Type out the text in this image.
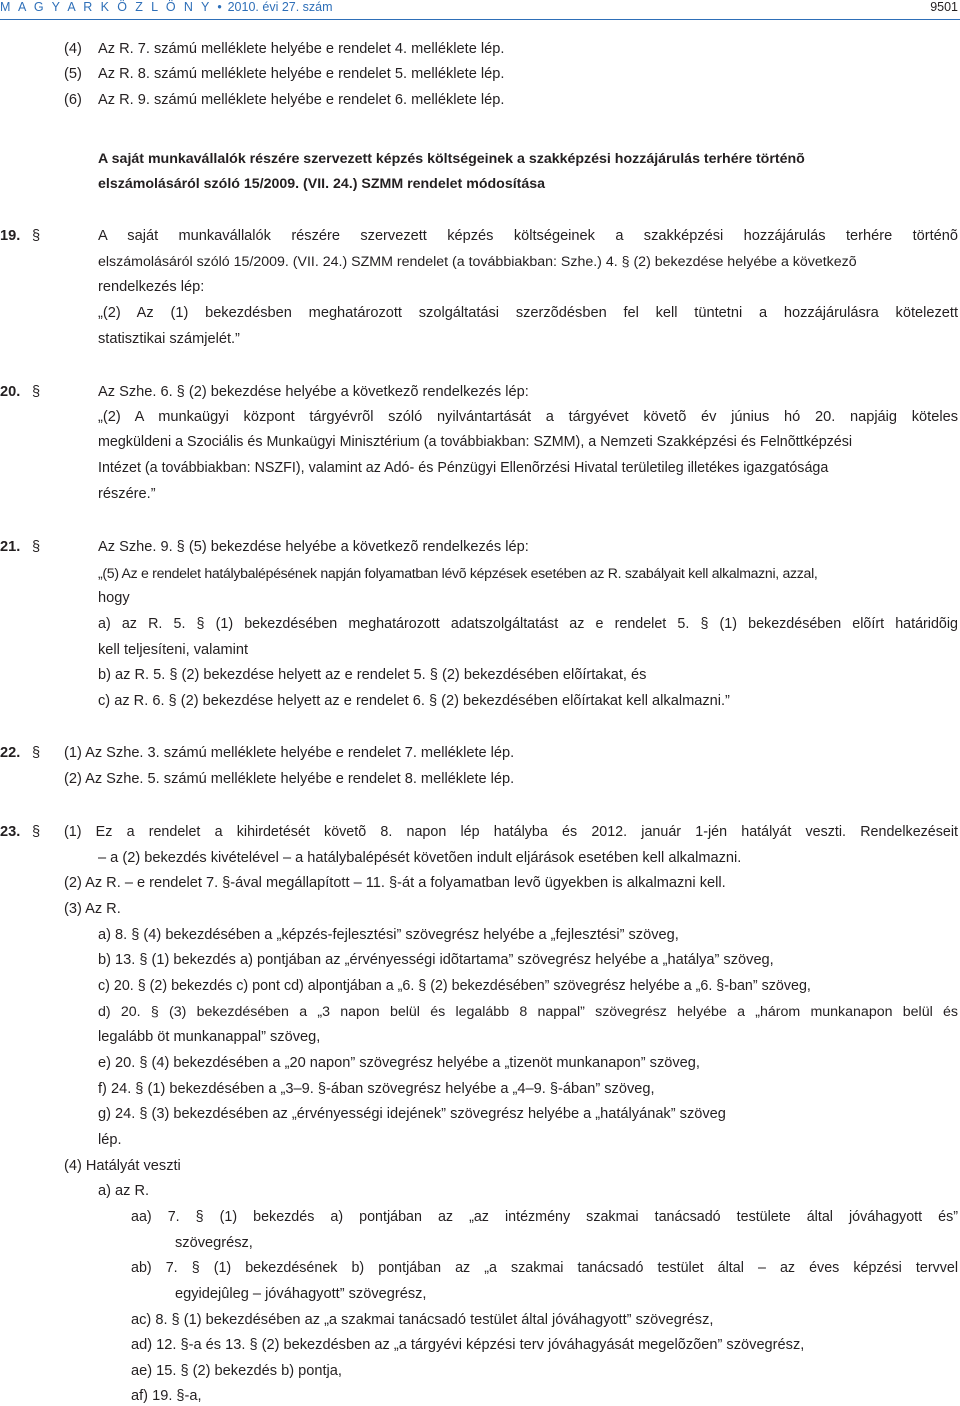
M A G Y A R K Ö Z L Ö N Y • 2010. évi 27. szám	9501
(4) Az R. 7. számú melléklete helyébe e rendelet 4. melléklete lép.
(5) Az R. 8. számú melléklete helyébe e rendelet 5. melléklete lép.
(6) Az R. 9. számú melléklete helyébe e rendelet 6. melléklete lép.
A saját munkavállalók részére szervezett képzés költségeinek a szakképzési hozzájárulás terhére történõ
elszámolásáról szóló 15/2009. (VII. 24.) SZMM rendelet módosítása
19. §	A saját munkavállalók részére szervezett képzés költségeinek a szakképzési hozzájárulás terhére történõ
elszámolásáról szóló 15/2009. (VII. 24.) SZMM rendelet (a továbbiakban: Szhe.) 4. § (2) bekezdése helyébe a következõ
rendelkezés lép:
„(2) Az (1) bekezdésben meghatározott szolgáltatási szerzõdésben fel kell tüntetni a hozzájárulásra kötelezett
statisztikai számjelét.”
20. §	Az Szhe. 6. § (2) bekezdése helyébe a következõ rendelkezés lép:
„(2) A munkaügyi központ tárgyévrõl szóló nyilvántartását a tárgyévet követõ év június hó 20. napjáig köteles
megküldeni a Szociális és Munkaügyi Minisztérium (a továbbiakban: SZMM), a Nemzeti Szakképzési és Felnõttképzési
Intézet (a továbbiakban: NSZFI), valamint az Adó- és Pénzügyi Ellenõrzési Hivatal területileg illetékes igazgatósága
részére.”
21. §	Az Szhe. 9. § (5) bekezdése helyébe a következõ rendelkezés lép:
„(5) Az e rendelet hatálybalépésének napján folyamatban lévõ képzések esetében az R. szabályait kell alkalmazni, azzal,
hogy
a) az R. 5. § (1) bekezdésében meghatározott adatszolgáltatást az e rendelet 5. § (1) bekezdésében elõírt határidõig
kell teljesíteni, valamint
b) az R. 5. § (2) bekezdése helyett az e rendelet 5. § (2) bekezdésében elõírtakat, és
c) az R. 6. § (2) bekezdése helyett az e rendelet 6. § (2) bekezdésében elõírtakat kell alkalmazni.”
22. § (1) Az Szhe. 3. számú melléklete helyébe e rendelet 7. melléklete lép.
(2) Az Szhe. 5. számú melléklete helyébe e rendelet 8. melléklete lép.
23. § (1) Ez a rendelet a kihirdetését követõ 8. napon lép hatályba és 2012. január 1-jén hatályát veszti. Rendelkezéseit
– a (2) bekezdés kivételével – a hatálybalépését követõen indult eljárások esetében kell alkalmazni.
(2) Az R. – e rendelet 7. §-ával megállapított – 11. §-át a folyamatban levõ ügyekben is alkalmazni kell.
(3) Az R.
a) 8. § (4) bekezdésében a „képzés-fejlesztési” szövegrész helyébe a „fejlesztési” szöveg,
b) 13. § (1) bekezdés a) pontjában az „érvényességi idõtartama” szövegrész helyébe a „hatálya” szöveg,
c) 20. § (2) bekezdés c) pont cd) alpontjában a „6. § (2) bekezdésében” szövegrész helyébe a „6. §-ban” szöveg,
d) 20. § (3) bekezdésében a „3 napon belül és legalább 8 nappal” szövegrész helyébe a „három munkanapon belül és
legalább öt munkanappal” szöveg,
e) 20. § (4) bekezdésében a „20 napon” szövegrész helyébe a „tizenöt munkanapon” szöveg,
f) 24. § (1) bekezdésében a „3–9. §-ában szövegrész helyébe a „4–9. §-ában” szöveg,
g) 24. § (3) bekezdésében az „érvényességi idejének” szövegrész helyébe a „hatályának” szöveg
lép.
(4) Hatályát veszti
a) az R.
aa) 7. § (1) bekezdés a) pontjában az „az intézmény szakmai tanácsadó testülete által jóváhagyott és”
szövegrész,
ab) 7. § (1) bekezdésének b) pontjában az „a szakmai tanácsadó testület által – az éves képzési tervvel
egyidejûleg – jóváhagyott” szövegrész,
ac) 8. § (1) bekezdésében az „a szakmai tanácsadó testület által jóváhagyott” szövegrész,
ad) 12. §-a és 13. § (2) bekezdésben az „a tárgyévi képzési terv jóváhagyását megelõzõen” szövegrész,
ae) 15. § (2) bekezdés b) pontja,
af) 19. §-a,
